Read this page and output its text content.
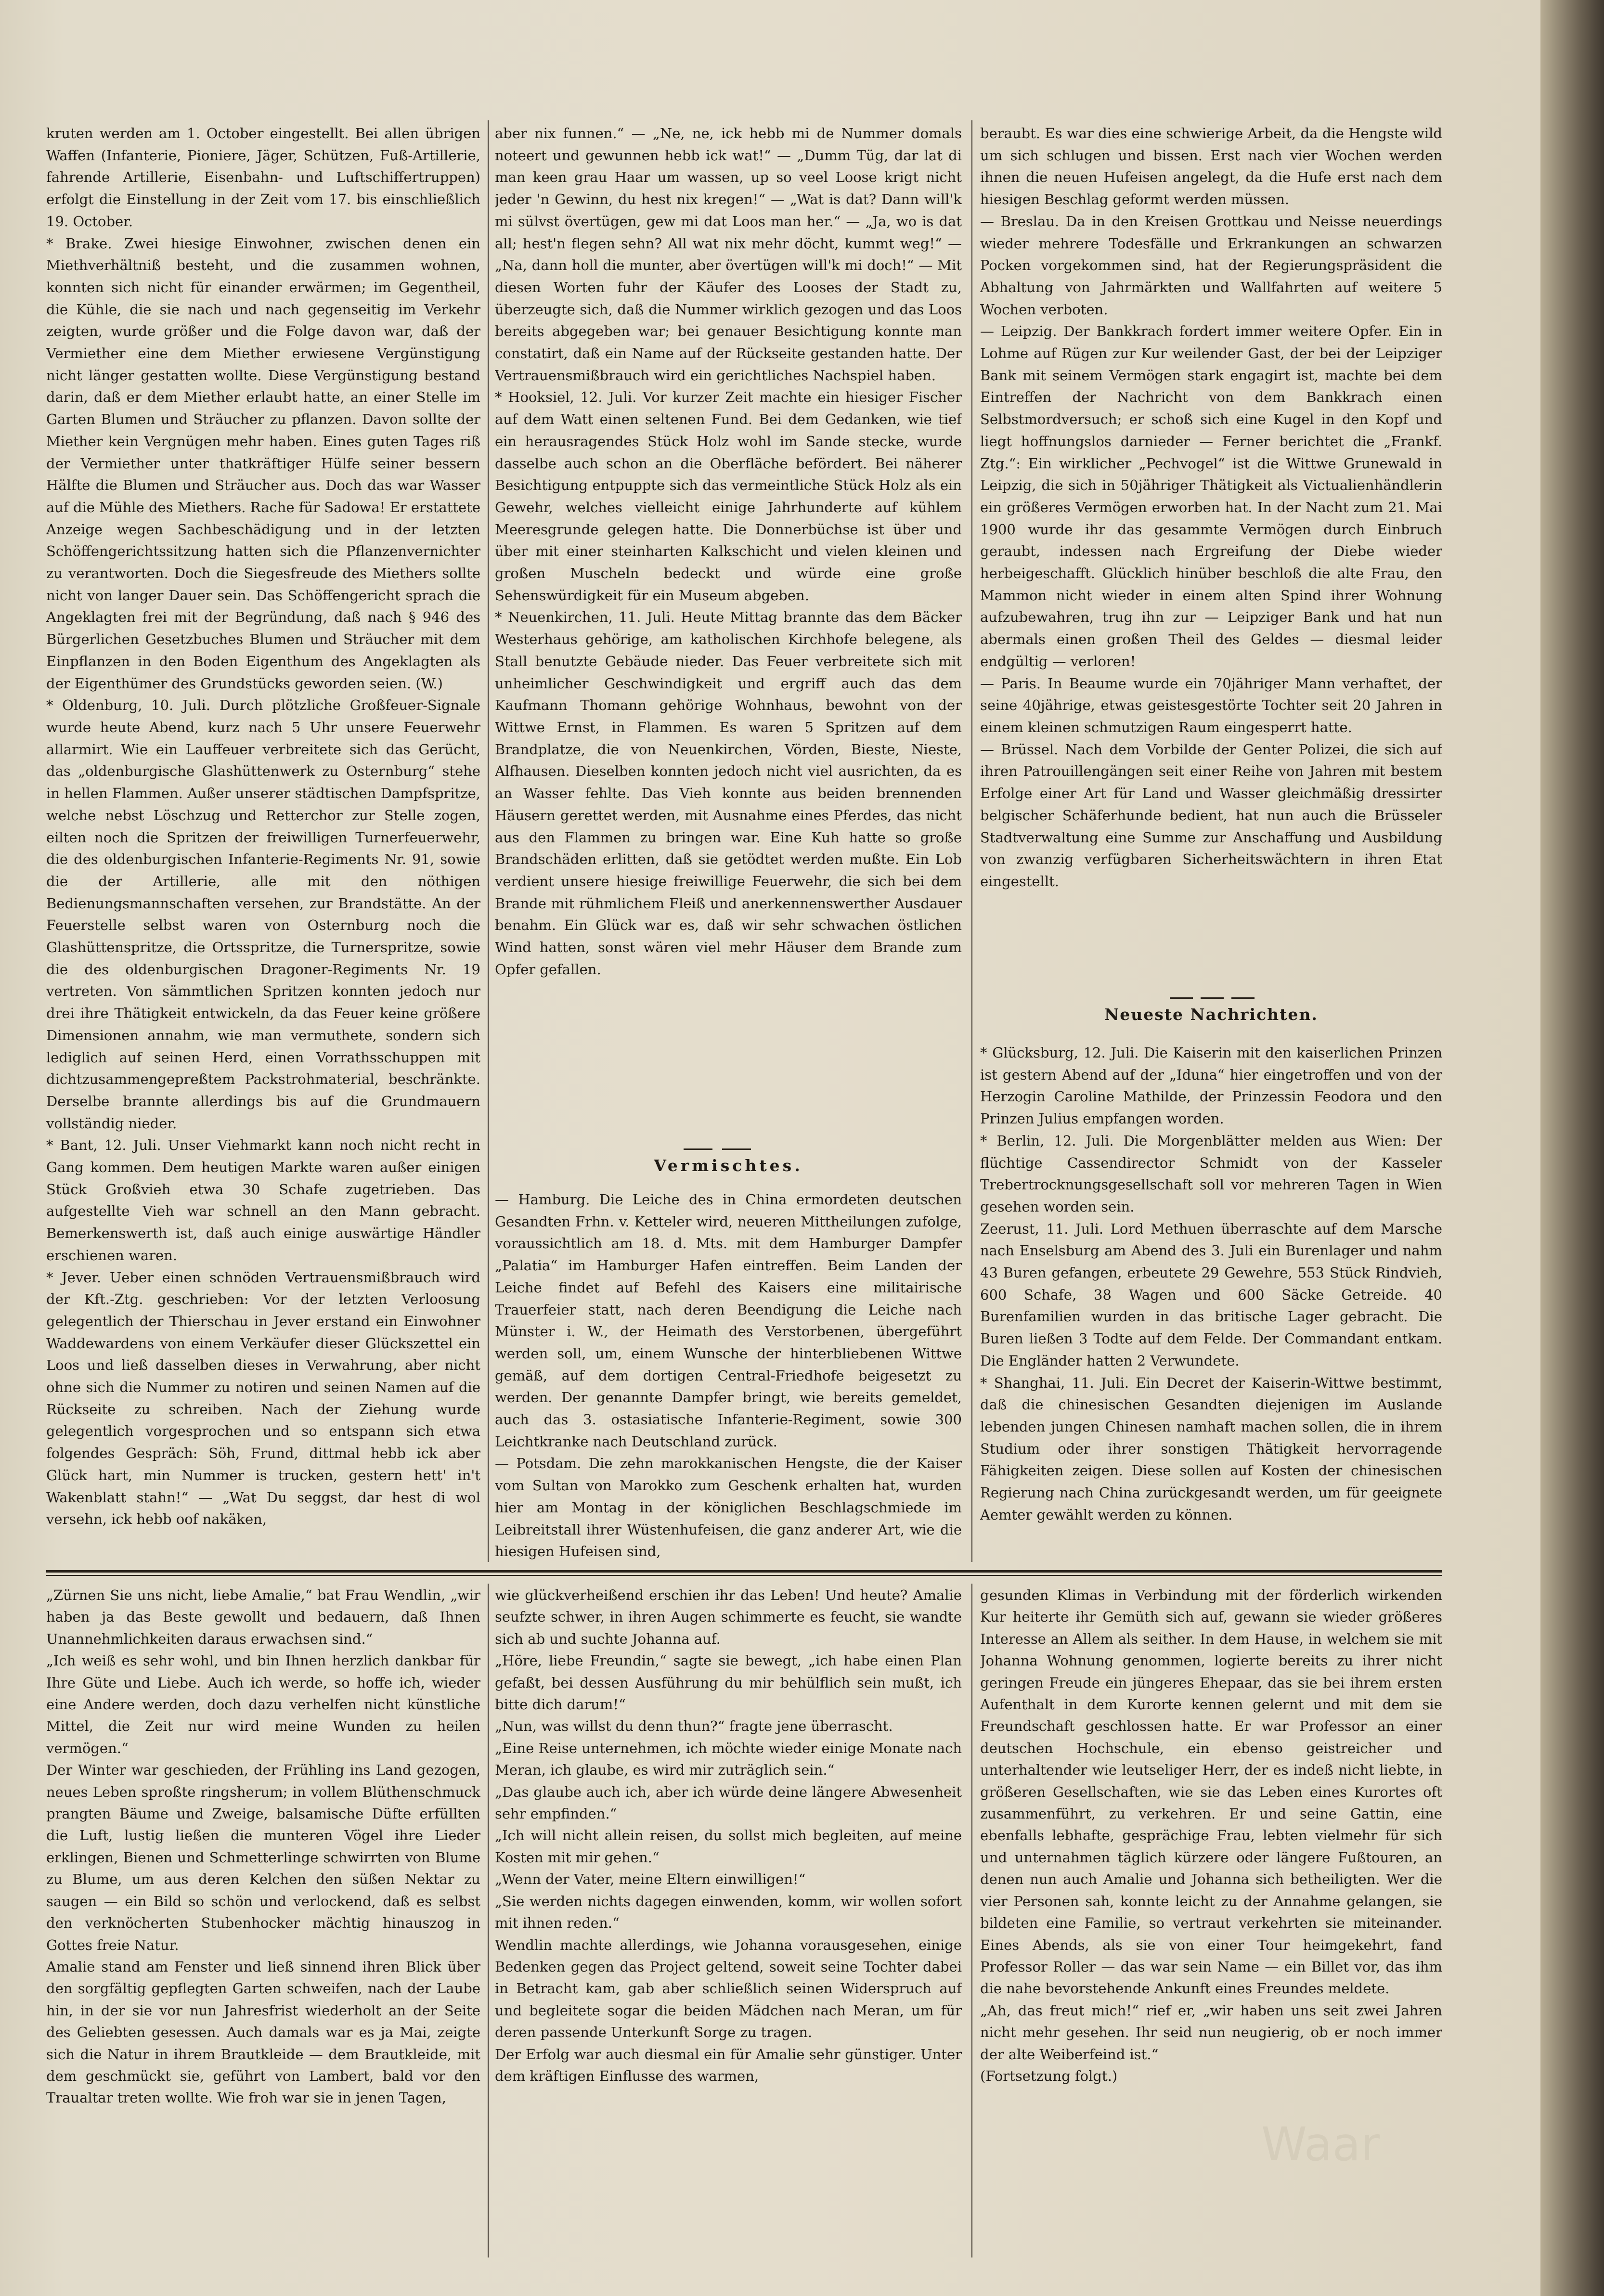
kruten werden am 1. October eingestellt. Bei allen übrigen Waffen (Infanterie, Pioniere, Jäger, Schützen, Fuß-Artillerie, fahrende Artillerie, Eisenbahn- und Luftschiffertruppen) erfolgt die Einstellung in der Zeit vom 17. bis einschließlich 19. October.
* Brake. Zwei hiesige Einwohner, zwischen denen ein Miethverhältniß besteht, und die zusammen wohnen, konnten sich nicht für einander erwärmen; im Gegentheil, die Kühle, die sie nach und nach gegenseitig im Verkehr zeigten, wurde größer und die Folge davon war, daß der Vermiether eine dem Miether erwiesene Vergünstigung nicht länger gestatten wollte. Diese Vergünstigung bestand darin, daß er dem Miether erlaubt hatte, an einer Stelle im Garten Blumen und Sträucher zu pflanzen. Davon sollte der Miether kein Vergnügen mehr haben. Eines guten Tages riß der Vermiether unter thatkräftiger Hülfe seiner bessern Hälfte die Blumen und Sträucher aus. Doch das war Wasser auf die Mühle des Miethers. Rache für Sadowa! Er erstattete Anzeige wegen Sachbeschädigung und in der letzten Schöffengerichtssitzung hatten sich die Pflanzenvernichter zu verantworten. Doch die Siegesfreude des Miethers sollte nicht von langer Dauer sein. Das Schöffengericht sprach die Angeklagten frei mit der Begründung, daß nach § 946 des Bürgerlichen Gesetzbuches Blumen und Sträucher mit dem Einpflanzen in den Boden Eigenthum des Angeklagten als der Eigenthümer des Grundstücks geworden seien. (W.)
* Oldenburg, 10. Juli. Durch plötzliche Großfeuer-Signale wurde heute Abend, kurz nach 5 Uhr unsere Feuerwehr allarmirt. Wie ein Lauffeuer verbreitete sich das Gerücht, das „oldenburgische Glashüttenwerk zu Osternburg“ stehe in hellen Flammen. Außer unserer städtischen Dampfspritze, welche nebst Löschzug und Retterchor zur Stelle zogen, eilten noch die Spritzen der freiwilligen Turnerfeuerwehr, die des oldenburgischen Infanterie-Regiments Nr. 91, sowie die der Artillerie, alle mit den nöthigen Bedienungsmannschaften versehen, zur Brandstätte. An der Feuerstelle selbst waren von Osternburg noch die Glashüttenspritze, die Ortsspritze, die Turnerspritze, sowie die des oldenburgischen Dragoner-Regiments Nr. 19 vertreten. Von sämmtlichen Spritzen konnten jedoch nur drei ihre Thätigkeit entwickeln, da das Feuer keine größere Dimensionen annahm, wie man vermuthete, sondern sich lediglich auf seinen Herd, einen Vorrathsschuppen mit dichtzusammengepreßtem Packstrohmaterial, beschränkte. Derselbe brannte allerdings bis auf die Grundmauern vollständig nieder.
* Bant, 12. Juli. Unser Viehmarkt kann noch nicht recht in Gang kommen. Dem heutigen Markte waren außer einigen Stück Großvieh etwa 30 Schafe zugetrieben. Das aufgestellte Vieh war schnell an den Mann gebracht. Bemerkenswerth ist, daß auch einige auswärtige Händler erschienen waren.
* Jever. Ueber einen schnöden Vertrauensmißbrauch wird der Kft.-Ztg. geschrieben: Vor der letzten Verloosung gelegentlich der Thierschau in Jever erstand ein Einwohner Waddewardens von einem Verkäufer dieser Glückszettel ein Loos und ließ dasselben dieses in Verwahrung, aber nicht ohne sich die Nummer zu notiren und seinen Namen auf die Rückseite zu schreiben. Nach der Ziehung wurde gelegentlich vorgesprochen und so entspann sich etwa folgendes Gespräch: Söh, Frund, dittmal hebb ick aber Glück hart, min Nummer is trucken, gestern hett' in't Wakenblatt stahn!“ — „Wat Du seggst, dar hest di wol versehn, ick hebb oof nakäken,
aber nix funnen.“ — „Ne, ne, ick hebb mi de Nummer domals noteert und gewunnen hebb ick wat!“ — „Dumm Tüg, dar lat di man keen grau Haar um wassen, up so veel Loose krigt nicht jeder 'n Gewinn, du hest nix kregen!“ — „Wat is dat? Dann will'k mi sülvst övertügen, gew mi dat Loos man her.“ — „Ja, wo is dat all; hest'n flegen sehn? All wat nix mehr döcht, kummt weg!“ — „Na, dann holl die munter, aber övertügen will'k mi doch!“ — Mit diesen Worten fuhr der Käufer des Looses der Stadt zu, überzeugte sich, daß die Nummer wirklich gezogen und das Loos bereits abgegeben war; bei genauer Besichtigung konnte man constatirt, daß ein Name auf der Rückseite gestanden hatte. Der Vertrauensmißbrauch wird ein gerichtliches Nachspiel haben.
* Hooksiel, 12. Juli. Vor kurzer Zeit machte ein hiesiger Fischer auf dem Watt einen seltenen Fund. Bei dem Gedanken, wie tief ein herausragendes Stück Holz wohl im Sande stecke, wurde dasselbe auch schon an die Oberfläche befördert. Bei näherer Besichtigung entpuppte sich das vermeintliche Stück Holz als ein Gewehr, welches vielleicht einige Jahrhunderte auf kühlem Meeresgrunde gelegen hatte. Die Donnerbüchse ist über und über mit einer steinharten Kalkschicht und vielen kleinen und großen Muscheln bedeckt und würde eine große Sehenswürdigkeit für ein Museum abgeben.
* Neuenkirchen, 11. Juli. Heute Mittag brannte das dem Bäcker Westerhaus gehörige, am katholischen Kirchhofe belegene, als Stall benutzte Gebäude nieder. Das Feuer verbreitete sich mit unheimlicher Geschwindigkeit und ergriff auch das dem Kaufmann Thomann gehörige Wohnhaus, bewohnt von der Wittwe Ernst, in Flammen. Es waren 5 Spritzen auf dem Brandplatze, die von Neuenkirchen, Vörden, Bieste, Nieste, Alfhausen. Dieselben konnten jedoch nicht viel ausrichten, da es an Wasser fehlte. Das Vieh konnte aus beiden brennenden Häusern gerettet werden, mit Ausnahme eines Pferdes, das nicht aus den Flammen zu bringen war. Eine Kuh hatte so große Brandschäden erlitten, daß sie getödtet werden mußte. Ein Lob verdient unsere hiesige freiwillige Feuerwehr, die sich bei dem Brande mit rühmlichem Fleiß und anerkennenswerther Ausdauer benahm. Ein Glück war es, daß wir sehr schwachen östlichen Wind hatten, sonst wären viel mehr Häuser dem Brande zum Opfer gefallen.
beraubt. Es war dies eine schwierige Arbeit, da die Hengste wild um sich schlugen und bissen. Erst nach vier Wochen werden ihnen die neuen Hufeisen angelegt, da die Hufe erst nach dem hiesigen Beschlag geformt werden müssen.
— Breslau. Da in den Kreisen Grottkau und Neisse neuerdings wieder mehrere Todesfälle und Erkrankungen an schwarzen Pocken vorgekommen sind, hat der Regierungspräsident die Abhaltung von Jahrmärkten und Wallfahrten auf weitere 5 Wochen verboten.
— Leipzig. Der Bankkrach fordert immer weitere Opfer. Ein in Lohme auf Rügen zur Kur weilender Gast, der bei der Leipziger Bank mit seinem Vermögen stark engagirt ist, machte bei dem Eintreffen der Nachricht von dem Bankkrach einen Selbstmordversuch; er schoß sich eine Kugel in den Kopf und liegt hoffnungslos darnieder — Ferner berichtet die „Frankf. Ztg.“: Ein wirklicher „Pechvogel“ ist die Wittwe Grunewald in Leipzig, die sich in 50jähriger Thätigkeit als Victualienhändlerin ein größeres Vermögen erworben hat. In der Nacht zum 21. Mai 1900 wurde ihr das gesammte Vermögen durch Einbruch geraubt, indessen nach Ergreifung der Diebe wieder herbeigeschafft. Glücklich hinüber beschloß die alte Frau, den Mammon nicht wieder in einem alten Spind ihrer Wohnung aufzubewahren, trug ihn zur — Leipziger Bank und hat nun abermals einen großen Theil des Geldes — diesmal leider endgültig — verloren!
— Paris. In Beaume wurde ein 70jähriger Mann verhaftet, der seine 40jährige, etwas geistesgestörte Tochter seit 20 Jahren in einem kleinen schmutzigen Raum eingesperrt hatte.
— Brüssel. Nach dem Vorbilde der Genter Polizei, die sich auf ihren Patrouillengängen seit einer Reihe von Jahren mit bestem Erfolge einer Art für Land und Wasser gleichmäßig dressirter belgischer Schäferhunde bedient, hat nun auch die Brüsseler Stadtverwaltung eine Summe zur Anschaffung und Ausbildung von zwanzig verfügbaren Sicherheitswächtern in ihren Etat eingestellt.
Vermischtes.
— Hamburg. Die Leiche des in China ermordeten deutschen Gesandten Frhn. v. Ketteler wird, neueren Mittheilungen zufolge, voraussichtlich am 18. d. Mts. mit dem Hamburger Dampfer „Palatia“ im Hamburger Hafen eintreffen. Beim Landen der Leiche findet auf Befehl des Kaisers eine militairische Trauerfeier statt, nach deren Beendigung die Leiche nach Münster i. W., der Heimath des Verstorbenen, übergeführt werden soll, um, einem Wunsche der hinterbliebenen Wittwe gemäß, auf dem dortigen Central-Friedhofe beigesetzt zu werden. Der genannte Dampfer bringt, wie bereits gemeldet, auch das 3. ostasiatische Infanterie-Regiment, sowie 300 Leichtkranke nach Deutschland zurück.
— Potsdam. Die zehn marokkanischen Hengste, die der Kaiser vom Sultan von Marokko zum Geschenk erhalten hat, wurden hier am Montag in der königlichen Beschlagschmiede im Leibreitstall ihrer Wüstenhufeisen, die ganz anderer Art, wie die hiesigen Hufeisen sind,
Neueste Nachrichten.
* Glücksburg, 12. Juli. Die Kaiserin mit den kaiserlichen Prinzen ist gestern Abend auf der „Iduna“ hier eingetroffen und von der Herzogin Caroline Mathilde, der Prinzessin Feodora und den Prinzen Julius empfangen worden.
* Berlin, 12. Juli. Die Morgenblätter melden aus Wien: Der flüchtige Cassendirector Schmidt von der Kasseler Trebertrocknungsgesellschaft soll vor mehreren Tagen in Wien gesehen worden sein.
Zeerust, 11. Juli. Lord Methuen überraschte auf dem Marsche nach Enselsburg am Abend des 3. Juli ein Burenlager und nahm 43 Buren gefangen, erbeutete 29 Gewehre, 553 Stück Rindvieh, 600 Schafe, 38 Wagen und 600 Säcke Getreide. 40 Burenfamilien wurden in das britische Lager gebracht. Die Buren ließen 3 Todte auf dem Felde. Der Commandant entkam. Die Engländer hatten 2 Verwundete.
* Shanghai, 11. Juli. Ein Decret der Kaiserin-Wittwe bestimmt, daß die chinesischen Gesandten diejenigen im Auslande lebenden jungen Chinesen namhaft machen sollen, die in ihrem Studium oder ihrer sonstigen Thätigkeit hervorragende Fähigkeiten zeigen. Diese sollen auf Kosten der chinesischen Regierung nach China zurückgesandt werden, um für geeignete Aemter gewählt werden zu können.
„Zürnen Sie uns nicht, liebe Amalie,“ bat Frau Wendlin, „wir haben ja das Beste gewollt und bedauern, daß Ihnen Unannehmlichkeiten daraus erwachsen sind.“
„Ich weiß es sehr wohl, und bin Ihnen herzlich dankbar für Ihre Güte und Liebe. Auch ich werde, so hoffe ich, wieder eine Andere werden, doch dazu verhelfen nicht künstliche Mittel, die Zeit nur wird meine Wunden zu heilen vermögen.“
Der Winter war geschieden, der Frühling ins Land gezogen, neues Leben sproßte ringsherum; in vollem Blüthenschmuck prangten Bäume und Zweige, balsamische Düfte erfüllten die Luft, lustig ließen die munteren Vögel ihre Lieder erklingen, Bienen und Schmetterlinge schwirrten von Blume zu Blume, um aus deren Kelchen den süßen Nektar zu saugen — ein Bild so schön und verlockend, daß es selbst den verknöcherten Stubenhocker mächtig hinauszog in Gottes freie Natur.
Amalie stand am Fenster und ließ sinnend ihren Blick über den sorgfältig gepflegten Garten schweifen, nach der Laube hin, in der sie vor nun Jahresfrist wiederholt an der Seite des Geliebten gesessen. Auch damals war es ja Mai, zeigte sich die Natur in ihrem Brautkleide — dem Brautkleide, mit dem geschmückt sie, geführt von Lambert, bald vor den Traualtar treten wollte. Wie froh war sie in jenen Tagen,
wie glückverheißend erschien ihr das Leben! Und heute? Amalie seufzte schwer, in ihren Augen schimmerte es feucht, sie wandte sich ab und suchte Johanna auf.
„Höre, liebe Freundin,“ sagte sie bewegt, „ich habe einen Plan gefaßt, bei dessen Ausführung du mir behülflich sein mußt, ich bitte dich darum!“
„Nun, was willst du denn thun?“ fragte jene überrascht.
„Eine Reise unternehmen, ich möchte wieder einige Monate nach Meran, ich glaube, es wird mir zuträglich sein.“
„Das glaube auch ich, aber ich würde deine längere Abwesenheit sehr empfinden.“
„Ich will nicht allein reisen, du sollst mich begleiten, auf meine Kosten mit mir gehen.“
„Wenn der Vater, meine Eltern einwilligen!“
„Sie werden nichts dagegen einwenden, komm, wir wollen sofort mit ihnen reden.“
Wendlin machte allerdings, wie Johanna vorausgesehen, einige Bedenken gegen das Project geltend, soweit seine Tochter dabei in Betracht kam, gab aber schließlich seinen Widerspruch auf und begleitete sogar die beiden Mädchen nach Meran, um für deren passende Unterkunft Sorge zu tragen.
Der Erfolg war auch diesmal ein für Amalie sehr günstiger. Unter dem kräftigen Einflusse des warmen,
gesunden Klimas in Verbindung mit der förderlich wirkenden Kur heiterte ihr Gemüth sich auf, gewann sie wieder größeres Interesse an Allem als seither. In dem Hause, in welchem sie mit Johanna Wohnung genommen, logierte bereits zu ihrer nicht geringen Freude ein jüngeres Ehepaar, das sie bei ihrem ersten Aufenthalt in dem Kurorte kennen gelernt und mit dem sie Freundschaft geschlossen hatte. Er war Professor an einer deutschen Hochschule, ein ebenso geistreicher und unterhaltender wie leutseliger Herr, der es indeß nicht liebte, in größeren Gesellschaften, wie sie das Leben eines Kurortes oft zusammenführt, zu verkehren. Er und seine Gattin, eine ebenfalls lebhafte, gesprächige Frau, lebten vielmehr für sich und unternahmen täglich kürzere oder längere Fußtouren, an denen nun auch Amalie und Johanna sich betheiligten. Wer die vier Personen sah, konnte leicht zu der Annahme gelangen, sie bildeten eine Familie, so vertraut verkehrten sie miteinander. Eines Abends, als sie von einer Tour heimgekehrt, fand Professor Roller — das war sein Name — ein Billet vor, das ihm die nahe bevorstehende Ankunft eines Freundes meldete.
„Ah, das freut mich!“ rief er, „wir haben uns seit zwei Jahren nicht mehr gesehen. Ihr seid nun neugierig, ob er noch immer der alte Weiberfeind ist.“
(Fortsetzung folgt.)
Waar
